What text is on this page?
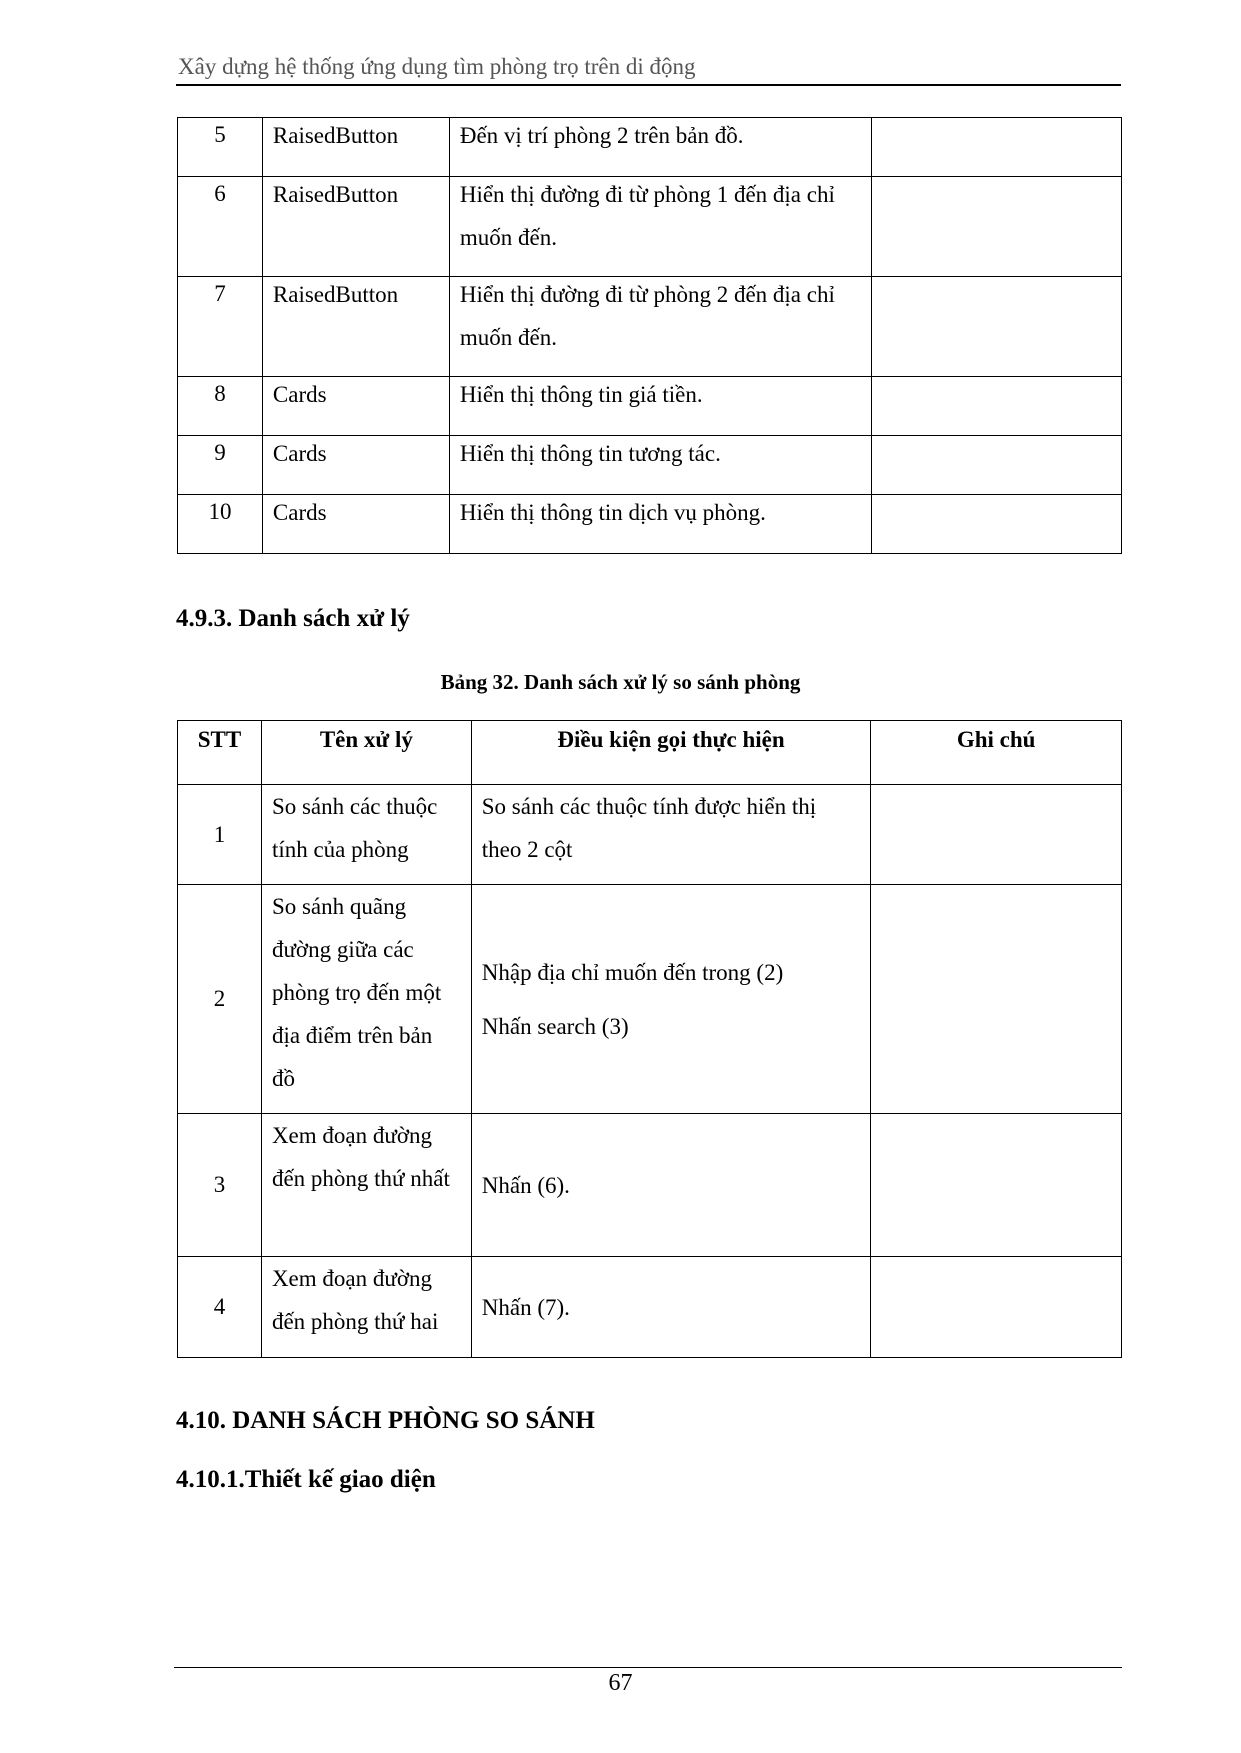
Xây dựng hệ thống ứng dụng tìm phòng trọ trên di động
5	RaisedButton	Đến vị trí phòng 2 trên bản đồ.	

6	RaisedButton	Hiển thị đường đi từ phòng 1 đến địa chỉ muốn đến.	

7	RaisedButton	Hiển thị đường đi từ phòng 2 đến địa chỉ muốn đến.	

8	Cards	Hiển thị thông tin giá tiền.	

9	Cards	Hiển thị thông tin tương tác.	

10	Cards	Hiển thị thông tin dịch vụ phòng.	

4.9.3. Danh sách xử lý
Bảng 32. Danh sách xử lý so sánh phòng
STT	Tên xử lý	Điều kiện gọi thực hiện	Ghi chú
1	So sánh các thuộc tính của phòng	So sánh các thuộc tính được hiển thị theo 2 cột	

2	So sánh quãng đường giữa các phòng trọ đến một địa điểm trên bản đồ	Nhập địa chỉ muốn đến trong (2)
Nhấn search (3)	

3	Xem đoạn đường đến phòng thứ nhất	Nhấn (6).	

4	Xem đoạn đường đến phòng thứ hai	Nhấn (7).	

4.10. DANH SÁCH PHÒNG SO SÁNH
4.10.1.Thiết kế giao diện
67
